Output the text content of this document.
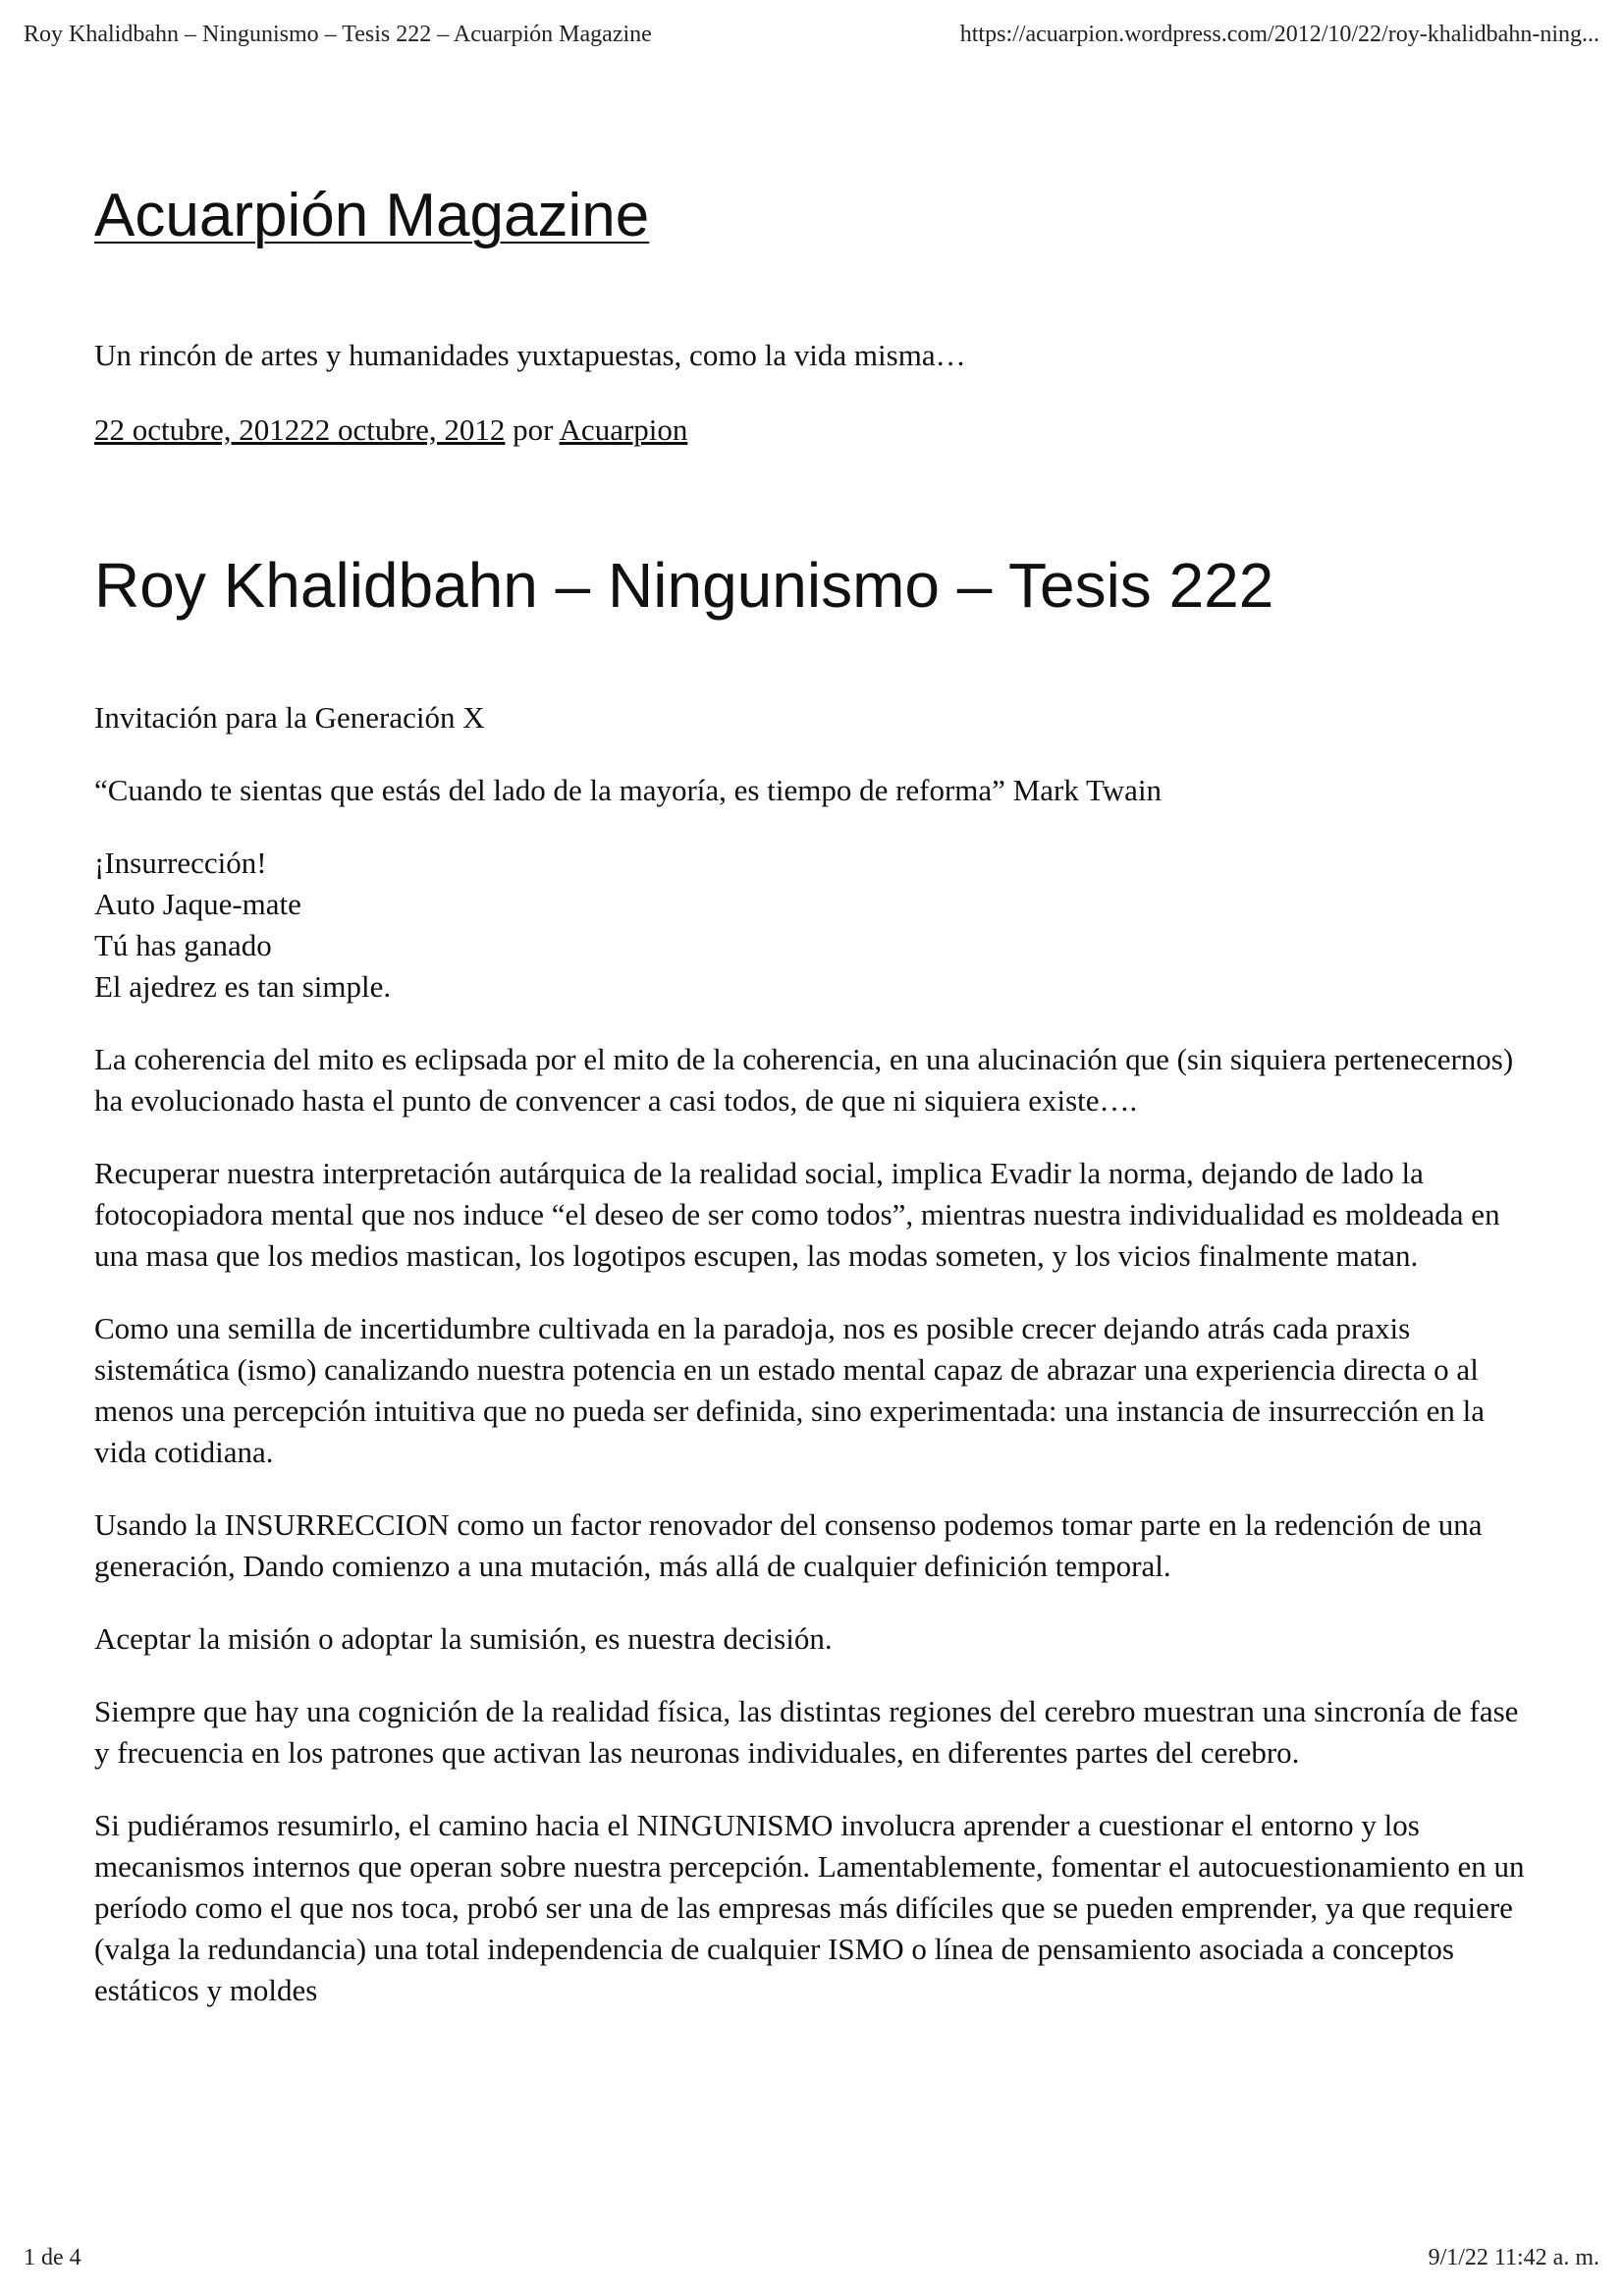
Roy Khalidbahn – Ningunismo – Tesis 222 – Acuarpión Magazine	https://acuarpion.wordpress.com/2012/10/22/roy-khalidbahn-ning...
Acuarpión Magazine

Un rincón de artes y humanidades yuxtapuestas, como la vida misma…

22 octubre, 201222 octubre, 2012 por Acuarpion
Roy Khalidbahn – Ningunismo – Tesis 222

Invitación para la Generación X

“Cuando te sientas que estás del lado de la mayoría, es tiempo de reforma” Mark Twain

¡Insurrección!
Auto Jaque-mate
Tú has ganado
El ajedrez es tan simple.

La coherencia del mito es eclipsada por el mito de la coherencia, en una alucinación que (sin siquiera pertenecernos) ha evolucionado hasta el punto de convencer a casi todos, de que ni siquiera existe….

Recuperar nuestra interpretación autárquica de la realidad social, implica Evadir la norma, dejando de lado la fotocopiadora mental que nos induce “el deseo de ser como todos”, mientras nuestra individualidad es moldeada en una masa que los medios mastican, los logotipos escupen, las modas someten, y los vicios finalmente matan.

Como una semilla de incertidumbre cultivada en la paradoja, nos es posible crecer dejando atrás cada praxis sistemática (ismo) canalizando nuestra potencia en un estado mental capaz de abrazar una experiencia directa o al menos una percepción intuitiva que no pueda ser definida, sino experimentada: una instancia de insurrección en la vida cotidiana.

Usando la INSURRECCION como un factor renovador del consenso podemos tomar parte en la redención de una generación, Dando comienzo a una mutación, más allá de cualquier definición temporal.

Aceptar la misión o adoptar la sumisión, es nuestra decisión.

Siempre que hay una cognición de la realidad física, las distintas regiones del cerebro muestran una sincronía de fase y frecuencia en los patrones que activan las neuronas individuales, en diferentes partes del cerebro.

Si pudiéramos resumirlo, el camino hacia el NINGUNISMO involucra aprender a cuestionar el entorno y los mecanismos internos que operan sobre nuestra percepción. Lamentablemente, fomentar el autocuestionamiento en un período como el que nos toca, probó ser una de las empresas más difíciles que se pueden emprender, ya que requiere (valga la redundancia) una total independencia de cualquier ISMO o línea de pensamiento asociada a conceptos estáticos y moldes

1 de 4	9/1/22 11:42 a. m.
